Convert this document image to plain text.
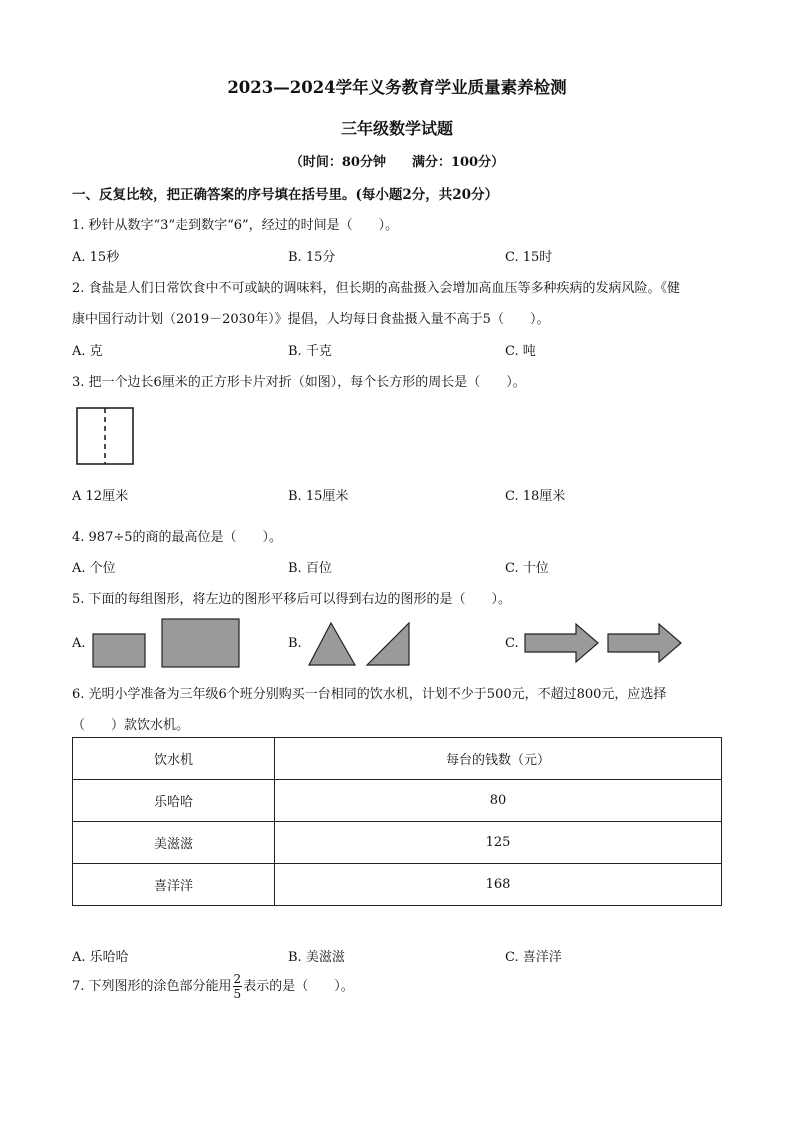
2023—2024学年义务教育学业质量素养检测
三年级数学试题
（时间：80分钟　　满分：100分）
一、反复比较，把正确答案的序号填在括号里。(每小题2分，共20分）
1. 秒针从数字“3”走到数字“6”，经过的时间是（　　）。
A. 15秒	B. 15分	C. 15时
2. 食盐是人们日常饮食中不可或缺的调味料，但长期的高盐摄入会增加高血压等多种疾病的发病风险。《健
康中国行动计划（2019－2030年）》提倡，人均每日食盐摄入量不高于5（　　）。
A. 克	B. 千克	C. 吨
3. 把一个边长6厘米的正方形卡片对折（如图），每个长方形的周长是（　　）。
A 12厘米	B. 15厘米	C. 18厘米
4. 987÷5的商的最高位是（　　）。
A. 个位	B. 百位	C. 十位
5. 下面的每组图形，将左边的图形平移后可以得到右边的图形的是（　　）。
A.	B.	C.
6. 光明小学准备为三年级6个班分别购买一台相同的饮水机，计划不少于500元，不超过800元，应选择
（　　）款饮水机。
饮水机	每台的钱数（元）
乐哈哈	80
美滋滋	125
喜洋洋	168
A. 乐哈哈	B. 美滋滋	C. 喜洋洋
7. 下列图形的涂色部分能用 $\frac{2}{5}$ 表示的是（　　）。
